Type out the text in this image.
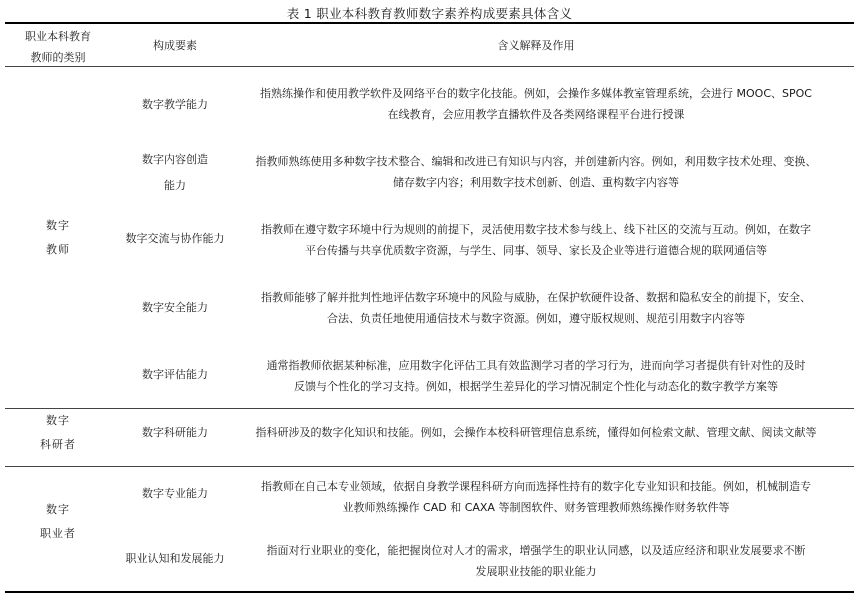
表 1 职业本科教育教师数字素养构成要素具体含义
职业本科教育
教师的类别
构成要素	含义解释及作用
数字
教师
数字教学能力
指熟练操作和使用教学软件及网络平台的数字化技能。例如，会操作多媒体教室管理系统，会进行 MOOC、SPOC
在线教育，会应用教学直播软件及各类网络课程平台进行授课
数字内容创造
能力
指教师熟练使用多种数字技术整合、编辑和改进已有知识与内容，并创建新内容。例如，利用数字技术处理、变换、
储存数字内容；利用数字技术创新、创造、重构数字内容等
数字交流与协作能力
指教师在遵守数字环境中行为规则的前提下，灵活使用数字技术参与线上、线下社区的交流与互动。例如，在数字
平台传播与共享优质数字资源，与学生、同事、领导、家长及企业等进行道德合规的联网通信等
数字安全能力
指教师能够了解并批判性地评估数字环境中的风险与威胁，在保护软硬件设备、数据和隐私安全的前提下，安全、
合法、负责任地使用通信技术与数字资源。例如，遵守版权规则、规范引用数字内容等
数字评估能力
通常指教师依据某种标准，应用数字化评估工具有效监测学习者的学习行为，进而向学习者提供有针对性的及时
反馈与个性化的学习支持。例如，根据学生差异化的学习情况制定个性化与动态化的数字教学方案等
数字
科研者
数字科研能力	指科研涉及的数字化知识和技能。例如，会操作本校科研管理信息系统，懂得如何检索文献、管理文献、阅读文献等
数字
职业者
数字专业能力
指教师在自己本专业领域，依据自身教学课程科研方向而选择性持有的数字化专业知识和技能。例如，机械制造专
业教师熟练操作 CAD 和 CAXA 等制图软件、财务管理教师熟练操作财务软件等
职业认知和发展能力
指面对行业职业的变化，能把握岗位对人才的需求，增强学生的职业认同感，以及适应经济和职业发展要求不断
发展职业技能的职业能力
